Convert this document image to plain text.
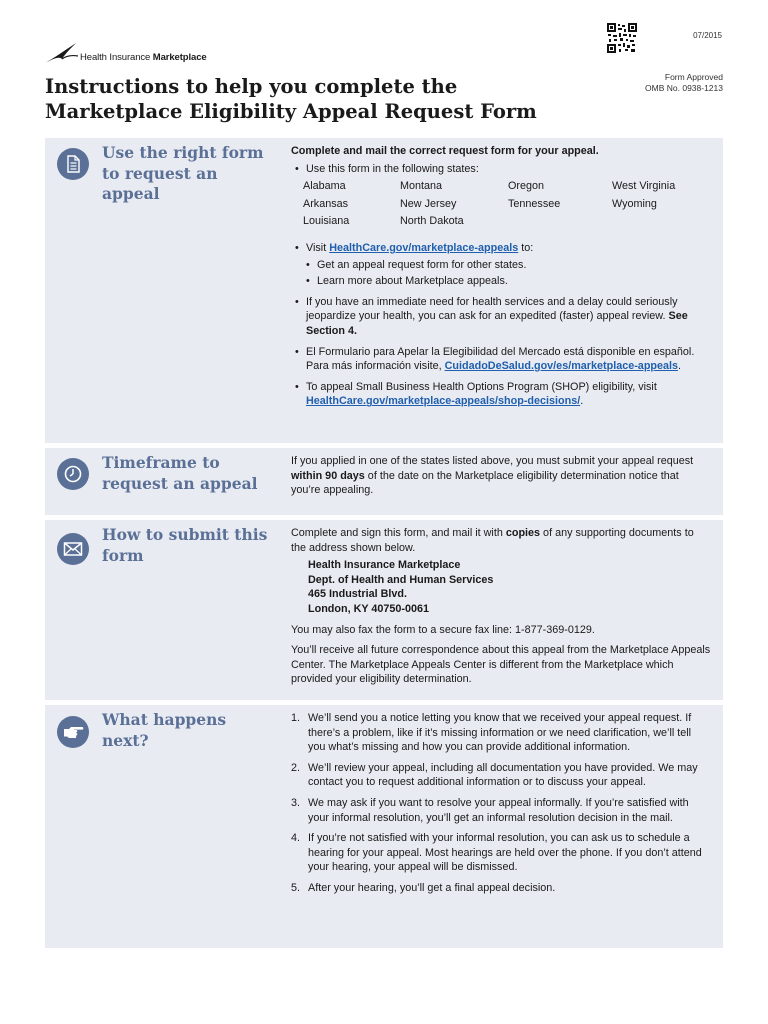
Health Insurance Marketplace
07/2015
Form Approved
OMB No. 0938-1213
Instructions to help you complete the
Marketplace Eligibility Appeal Request Form
Use the right form to request an appeal

Complete and mail the correct request form for your appeal.

• Use this form in the following states:

Alabama	Montana	Oregon	West Virginia
Arkansas	New Jersey	Tennessee	Wyoming
Louisiana	North Dakota

• Visit HealthCare.gov/marketplace-appeals to:

• Get an appeal request form for other states.

• Learn more about Marketplace appeals.

• If you have an immediate need for health services and a delay could seriously jeopardize your health, you can ask for an expedited (faster) appeal review. See Section 4.

• El Formulario para Apelar la Elegibilidad del Mercado está disponible en español. Para más información visite, CuidadoDeSalud.gov/es/marketplace-appeals.

• To appeal Small Business Health Options Program (SHOP) eligibility, visit HealthCare.gov/marketplace-appeals/shop-decisions/.

Timeframe to request an appeal

If you applied in one of the states listed above, you must submit your appeal request within 90 days of the date on the Marketplace eligibility determination notice that you’re appealing.

How to submit this form

Complete and sign this form, and mail it with copies of any supporting documents to the address shown below.

Health Insurance Marketplace
Dept. of Health and Human Services
465 Industrial Blvd.
London, KY 40750-0061

You may also fax the form to a secure fax line: 1-877-369-0129.

You’ll receive all future correspondence about this appeal from the Marketplace Appeals Center. The Marketplace Appeals Center is different from the Marketplace which provided your eligibility determination.

What happens next?
1. We’ll send you a notice letting you know that we received your appeal request. If there’s a problem, like if it’s missing information or we need clarification, we’ll tell you what’s missing and how you can provide additional information.
2. We’ll review your appeal, including all documentation you have provided. We may contact you to request additional information or to discuss your appeal.
3. We may ask if you want to resolve your appeal informally. If you’re satisfied with your informal resolution, you’ll get an informal resolution decision in the mail.
4. If you’re not satisfied with your informal resolution, you can ask us to schedule a hearing for your appeal. Most hearings are held over the phone. If you don’t attend your hearing, your appeal will be dismissed.
5. After your hearing, you’ll get a final appeal decision.
